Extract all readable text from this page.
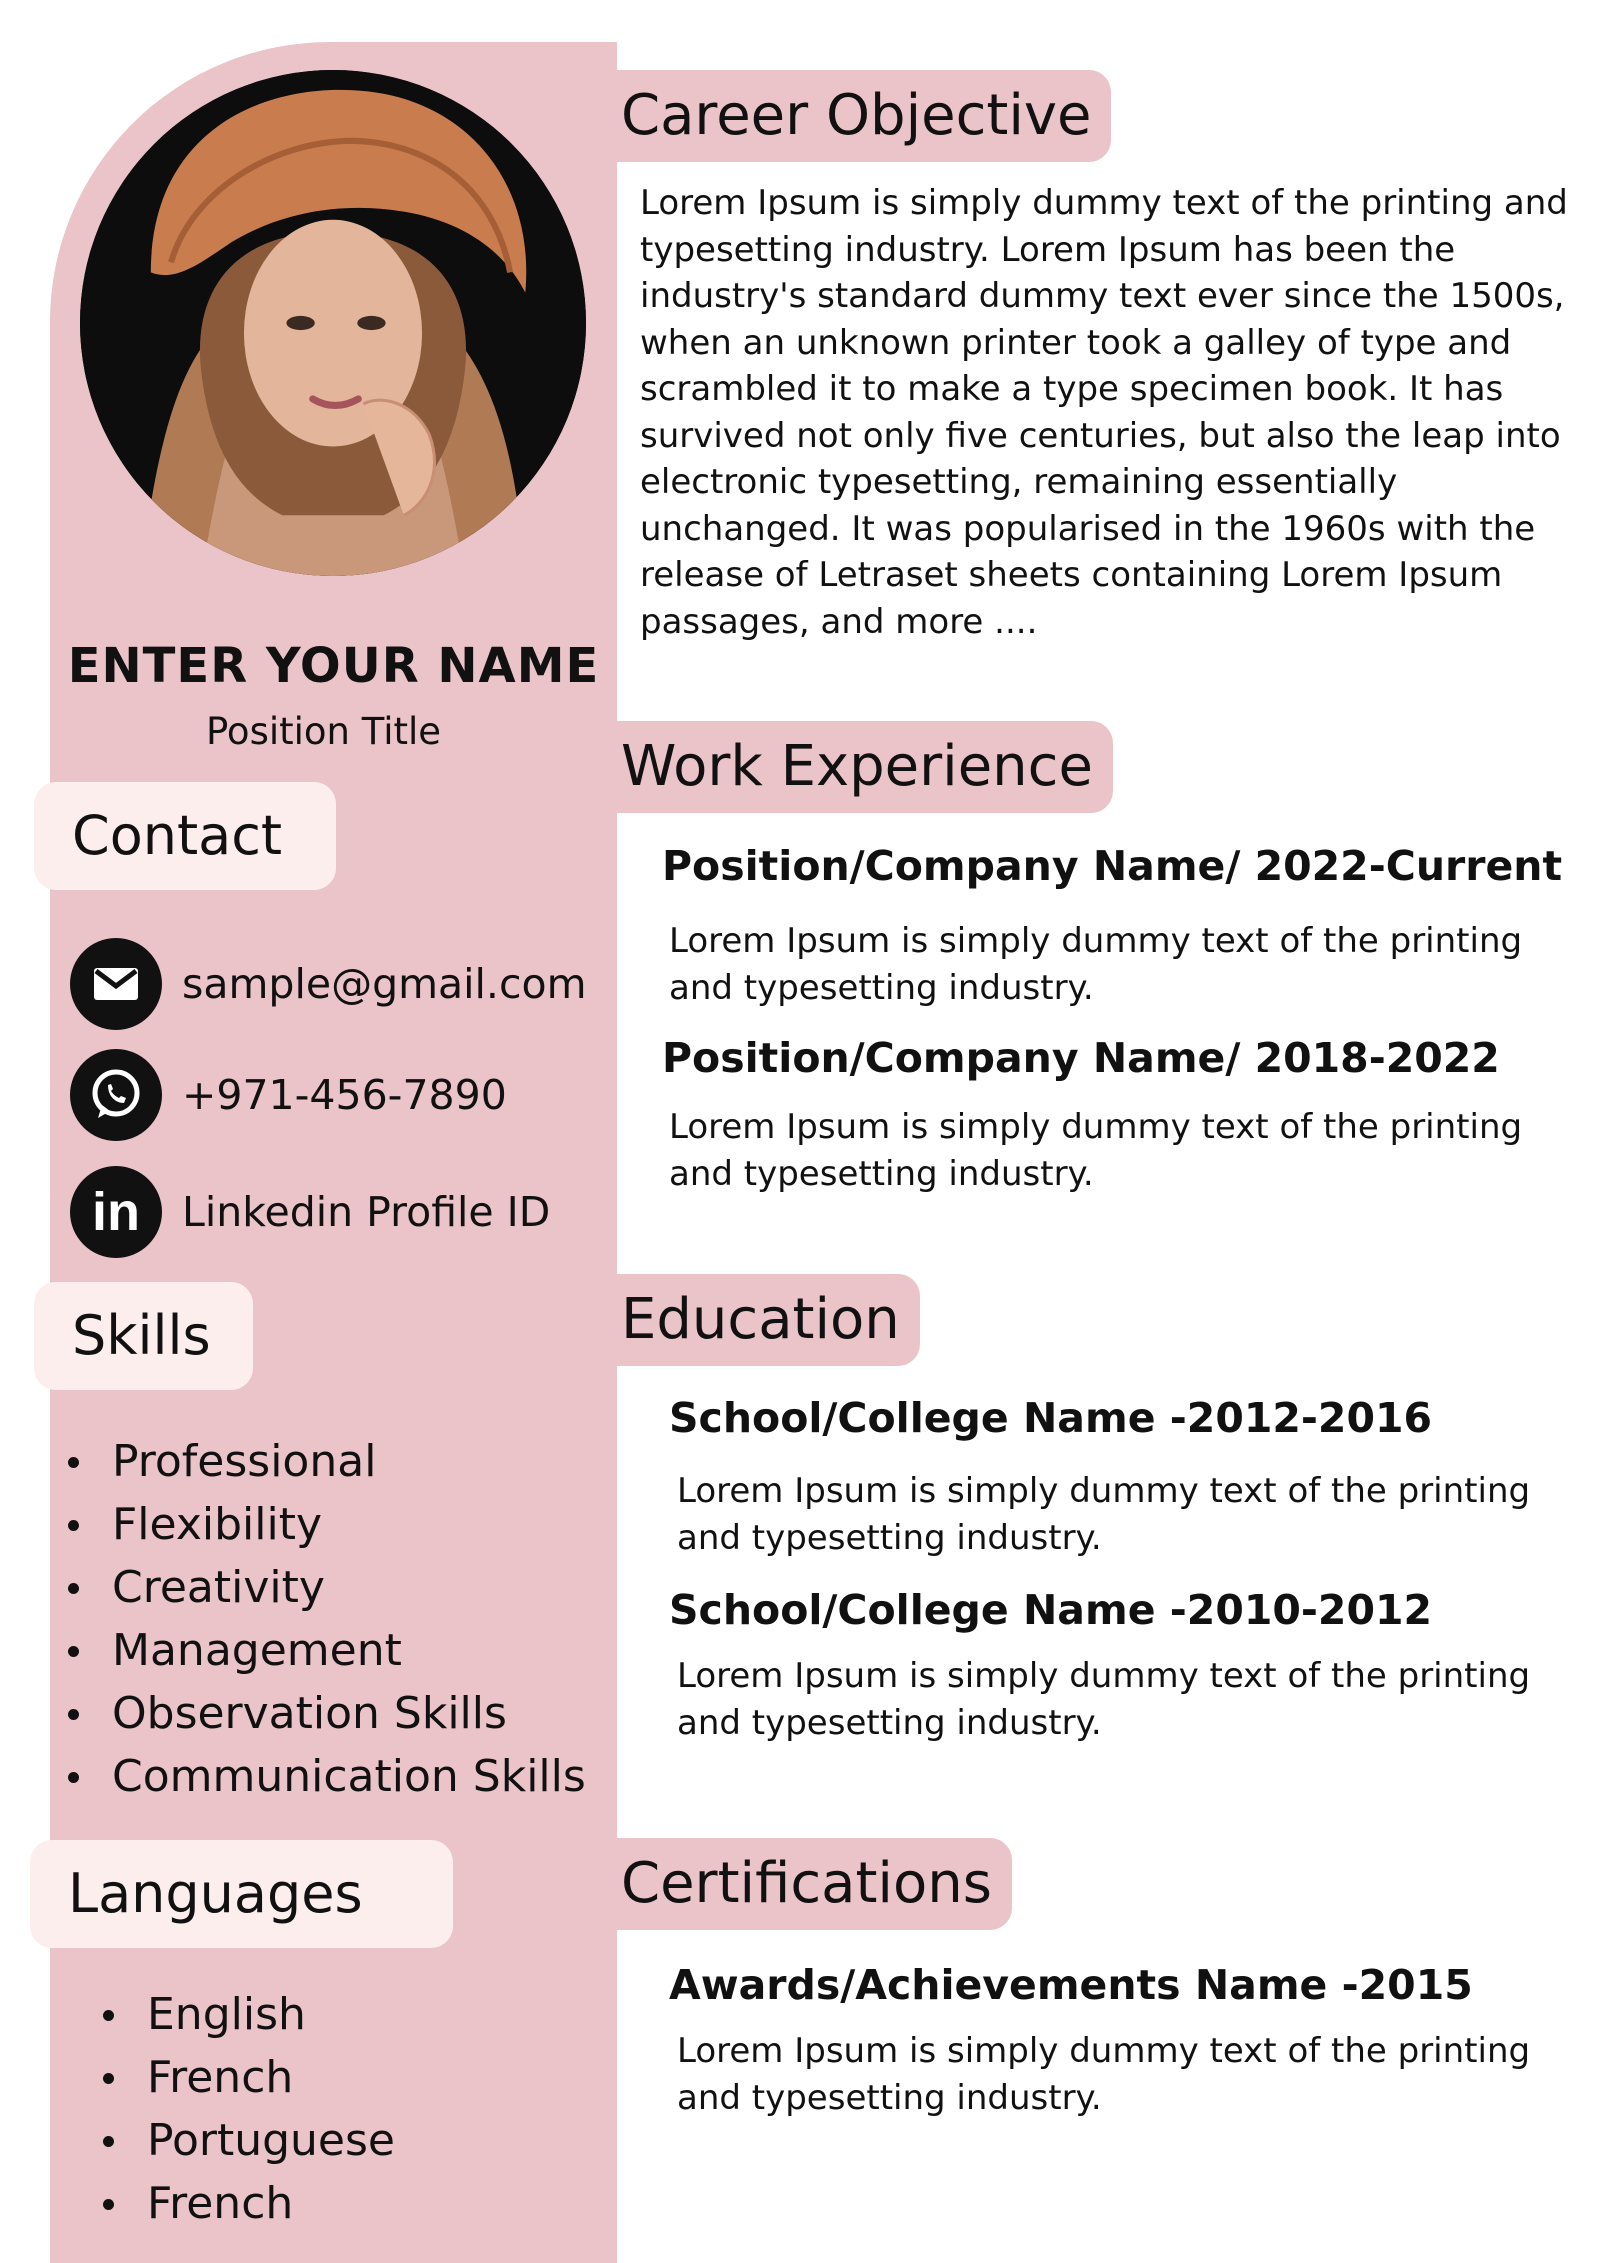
ENTER YOUR NAME
Position Title
Contact
sample@gmail.com
+971-456-7890
in	Linkedin Profile ID
Skills
Professional
Flexibility
Creativity
Management
Observation Skills
Communication Skills
Languages
English
French
Portuguese
French
Career Objective
Lorem Ipsum is simply dummy text of the printing and typesetting industry. Lorem Ipsum has been the industry's standard dummy text ever since the 1500s, when an unknown printer took a galley of type and scrambled it to make a type specimen book. It has survived not only five centuries, but also the leap into electronic typesetting, remaining essentially unchanged. It was popularised in the 1960s with the release of Letraset sheets containing Lorem Ipsum passages, and more ....
Work Experience
Position/Company Name/ 2022-Current
Lorem Ipsum is simply dummy text of the printing and typesetting industry.
Position/Company Name/ 2018-2022
Lorem Ipsum is simply dummy text of the printing and typesetting industry.
Education
School/College Name -2012-2016
Lorem Ipsum is simply dummy text of the printing and typesetting industry.
School/College Name -2010-2012
Lorem Ipsum is simply dummy text of the printing and typesetting industry.
Certifications
Awards/Achievements Name -2015
Lorem Ipsum is simply dummy text of the printing and typesetting industry.
